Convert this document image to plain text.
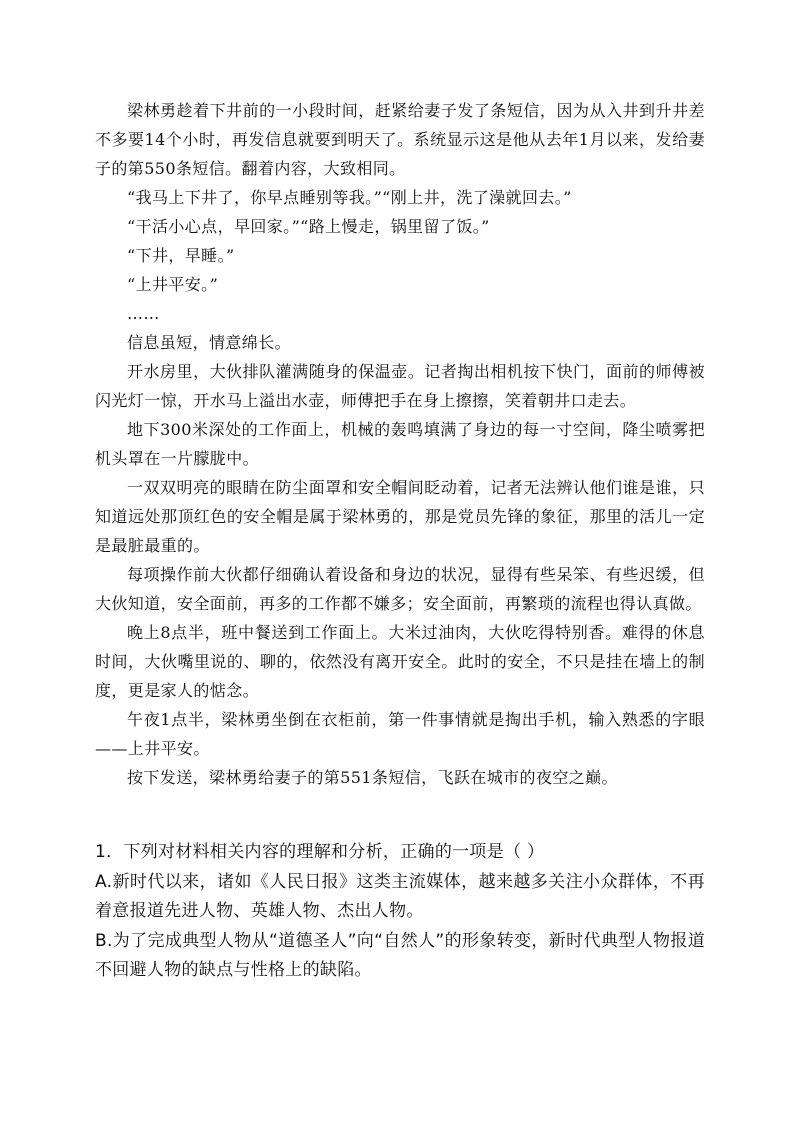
梁林勇趁着下井前的一小段时间，赶紧给妻子发了条短信，因为从入井到升井差不多要14个小时，再发信息就要到明天了。系统显示这是他从去年1月以来，发给妻子的第550条短信。翻着内容，大致相同。

“我马上下井了，你早点睡别等我。”“刚上井，洗了澡就回去。”

“干活小心点，早回家。”“路上慢走，锅里留了饭。”

“下井，早睡。”

“上井平安。”

……

信息虽短，情意绵长。

开水房里，大伙排队灌满随身的保温壶。记者掏出相机按下快门，面前的师傅被闪光灯一惊，开水马上溢出水壶，师傅把手在身上擦擦，笑着朝井口走去。

地下300米深处的工作面上，机械的轰鸣填满了身边的每一寸空间，降尘喷雾把机头罩在一片朦胧中。

一双双明亮的眼睛在防尘面罩和安全帽间眨动着，记者无法辨认他们谁是谁，只知道远处那顶红色的安全帽是属于梁林勇的，那是党员先锋的象征，那里的活儿一定是最脏最重的。

每项操作前大伙都仔细确认着设备和身边的状况，显得有些呆笨、有些迟缓，但大伙知道，安全面前，再多的工作都不嫌多；安全面前，再繁琐的流程也得认真做。

晚上8点半，班中餐送到工作面上。大米过油肉，大伙吃得特别香。难得的休息时间，大伙嘴里说的、聊的，依然没有离开安全。此时的安全，不只是挂在墙上的制度，更是家人的惦念。

午夜1点半，梁林勇坐倒在衣柜前，第一件事情就是掏出手机，输入熟悉的字眼——上井平安。

按下发送，梁林勇给妻子的第551条短信，飞跃在城市的夜空之巅。

1．下列对材料相关内容的理解和分析，正确的一项是（ ）

A.新时代以来，诸如《人民日报》这类主流媒体，越来越多关注小众群体，不再着意报道先进人物、英雄人物、杰出人物。

B.为了完成典型人物从“道德圣人”向“自然人”的形象转变，新时代典型人物报道不回避人物的缺点与性格上的缺陷。
